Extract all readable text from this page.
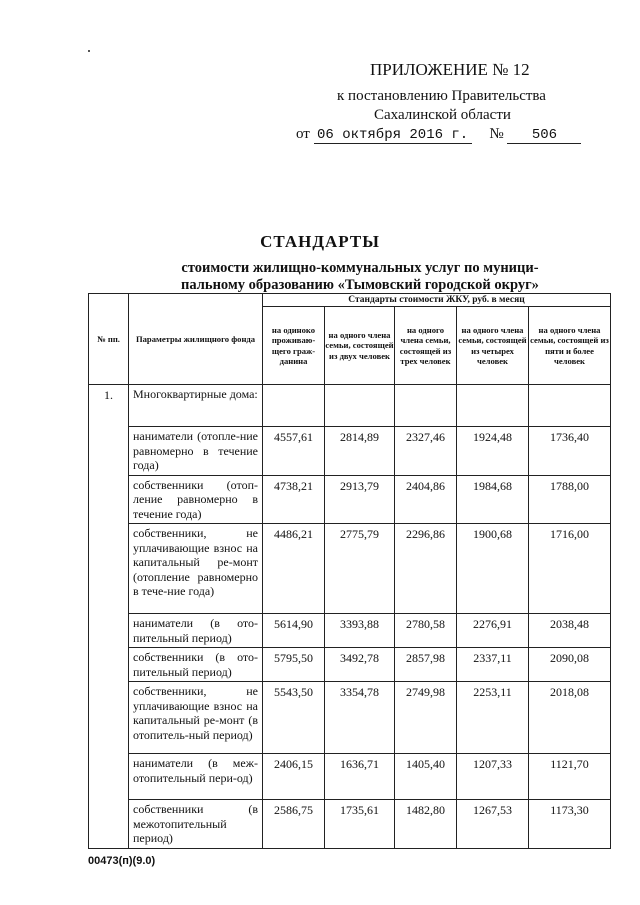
ПРИЛОЖЕНИЕ № 12
к постановлению Правительства
Сахалинской области
от 06 октября 2016 г. № 506
СТАНДАРТЫ
стоимости жилищно-коммунальных услуг по муници-
пальному образованию «Тымовский городской округ»
№ пп.	Параметры жилищного фонда	Стандарты стоимости ЖКУ, руб. в месяц				
		на одиноко проживаю-щего граж-данина	на одного члена семьи, состоящей из двух человек	на одного члена семьи, состоящей из трех человек	на одного члена семьи, состоящей из четырех человек	на одного члена семьи, состоящей из пяти и более человек
1.	Многоквартирные дома:					
	наниматели (отопле-ние равномерно в течение года)	4557,61	2814,89	2327,46	1924,48	1736,40
	собственники (отоп-ление равномерно в течение года)	4738,21	2913,79	2404,86	1984,68	1788,00
	собственники, не уплачивающие взнос на капитальный ре-монт (отопление равномерно в тече-ние года)	4486,21	2775,79	2296,86	1900,68	1716,00
	наниматели (в ото-пительный период)	5614,90	3393,88	2780,58	2276,91	2038,48
	собственники (в ото-пительный период)	5795,50	3492,78	2857,98	2337,11	2090,08
	собственники, не уплачивающие взнос на капитальный ре-монт (в отопитель-ный период)	5543,50	3354,78	2749,98	2253,11	2018,08
	наниматели (в меж-отопительный пери-од)	2406,15	1636,71	1405,40	1207,33	1121,70
	собственники (в межотопительный период)	2586,75	1735,61	1482,80	1267,53	1173,30
00473(п)(9.0)
